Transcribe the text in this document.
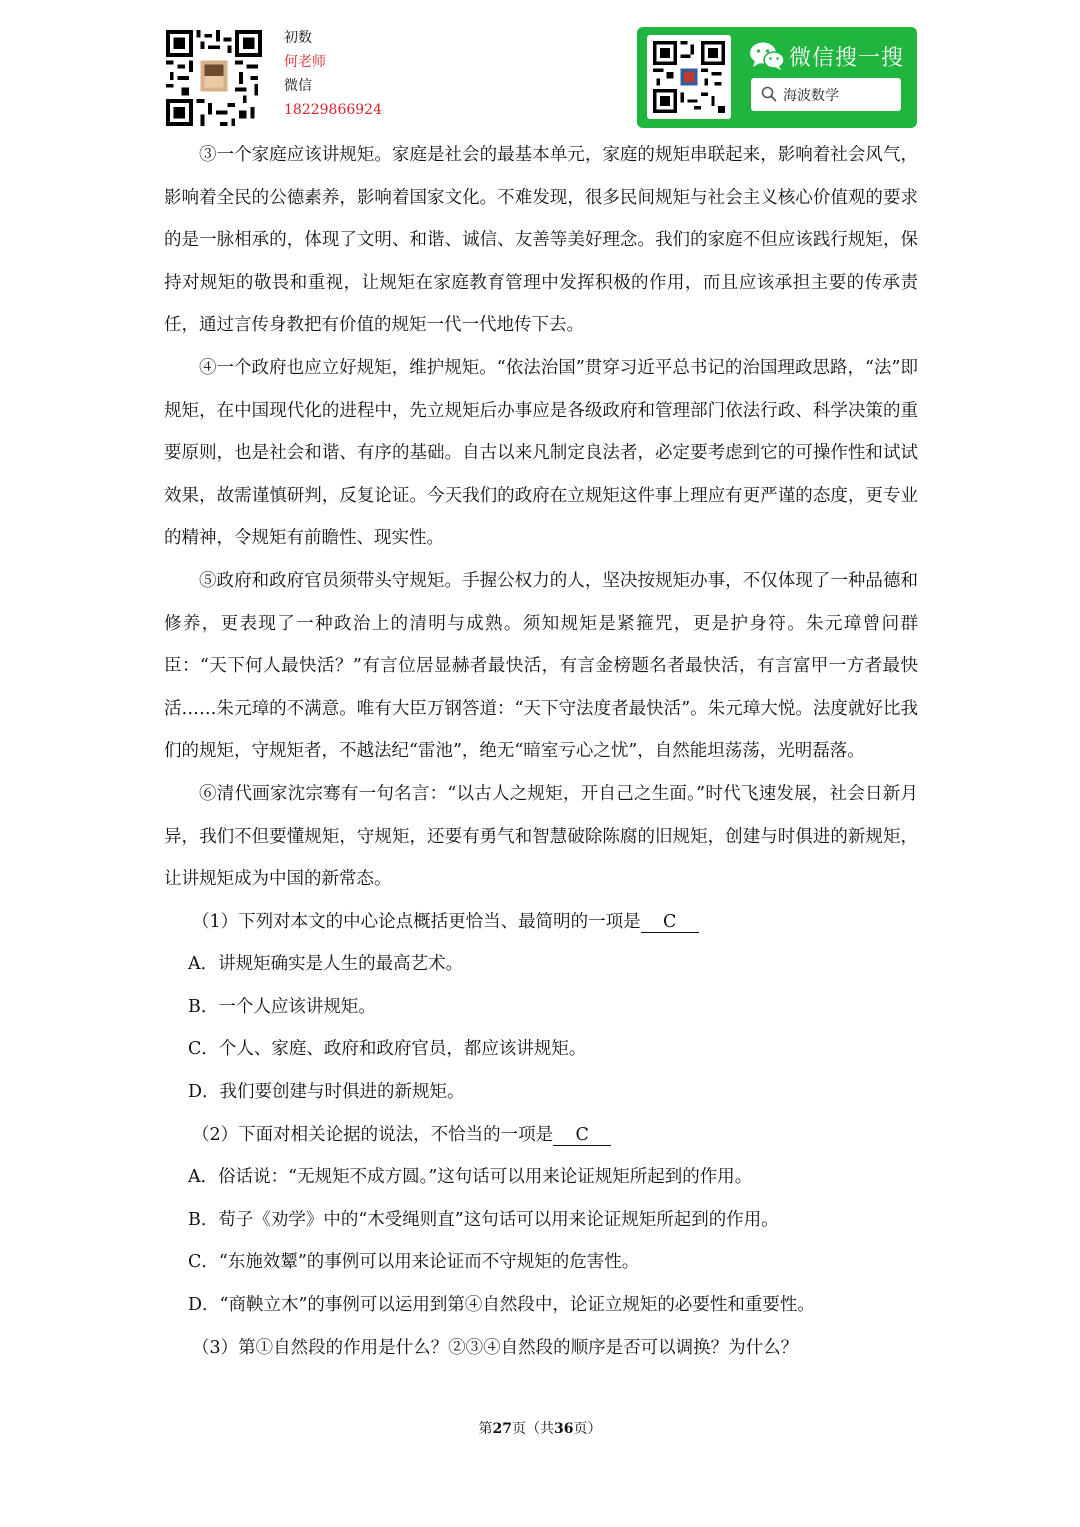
初数
何老师
微信
18229866924
微信搜一搜
海波数学

③一个家庭应该讲规矩。家庭是社会的最基本单元，家庭的规矩串联起来，影响着社会风气，影响着全民的公德素养，影响着国家文化。不难发现，很多民间规矩与社会主义核心价值观的要求的是一脉相承的，体现了文明、和谐、诚信、友善等美好理念。我们的家庭不但应该践行规矩，保持对规矩的敬畏和重视，让规矩在家庭教育管理中发挥积极的作用，而且应该承担主要的传承责任，通过言传身教把有价值的规矩一代一代地传下去。

④一个政府也应立好规矩，维护规矩。“依法治国”贯穿习近平总书记的治国理政思路，“法”即规矩，在中国现代化的进程中，先立规矩后办事应是各级政府和管理部门依法行政、科学决策的重要原则，也是社会和谐、有序的基础。自古以来凡制定良法者，必定要考虑到它的可操作性和试试效果，故需谨慎研判，反复论证。今天我们的政府在立规矩这件事上理应有更严谨的态度，更专业的精神，令规矩有前瞻性、现实性。

⑤政府和政府官员须带头守规矩。手握公权力的人，坚决按规矩办事，不仅体现了一种品德和修养，更表现了一种政治上的清明与成熟。须知规矩是紧箍咒，更是护身符。朱元璋曾问群臣：“天下何人最快活？”有言位居显赫者最快活，有言金榜题名者最快活，有言富甲一方者最快活……朱元璋的不满意。唯有大臣万钢答道：“天下守法度者最快活”。朱元璋大悦。法度就好比我们的规矩，守规矩者，不越法纪“雷池”，绝无“暗室亏心之忧”，自然能坦荡荡，光明磊落。

⑥清代画家沈宗骞有一句名言：“以古人之规矩，开自己之生面。”时代飞速发展，社会日新月异，我们不但要懂规矩，守规矩，还要有勇气和智慧破除陈腐的旧规矩，创建与时俱进的新规矩，让讲规矩成为中国的新常态。

（1）下列对本文的中心论点概括更恰当、最简明的一项是 C

A．讲规矩确实是人生的最高艺术。

B．一个人应该讲规矩。

C．个人、家庭、政府和政府官员，都应该讲规矩。

D．我们要创建与时俱进的新规矩。

（2）下面对相关论据的说法，不恰当的一项是 C

A．俗话说：“无规矩不成方圆。”这句话可以用来论证规矩所起到的作用。

B．荀子《劝学》中的“木受绳则直”这句话可以用来论证规矩所起到的作用。

C．“东施效颦”的事例可以用来论证而不守规矩的危害性。

D．“商鞅立木”的事例可以运用到第④自然段中，论证立规矩的必要性和重要性。

（3）第①自然段的作用是什么？②③④自然段的顺序是否可以调换？为什么？

第27页（共36页）
